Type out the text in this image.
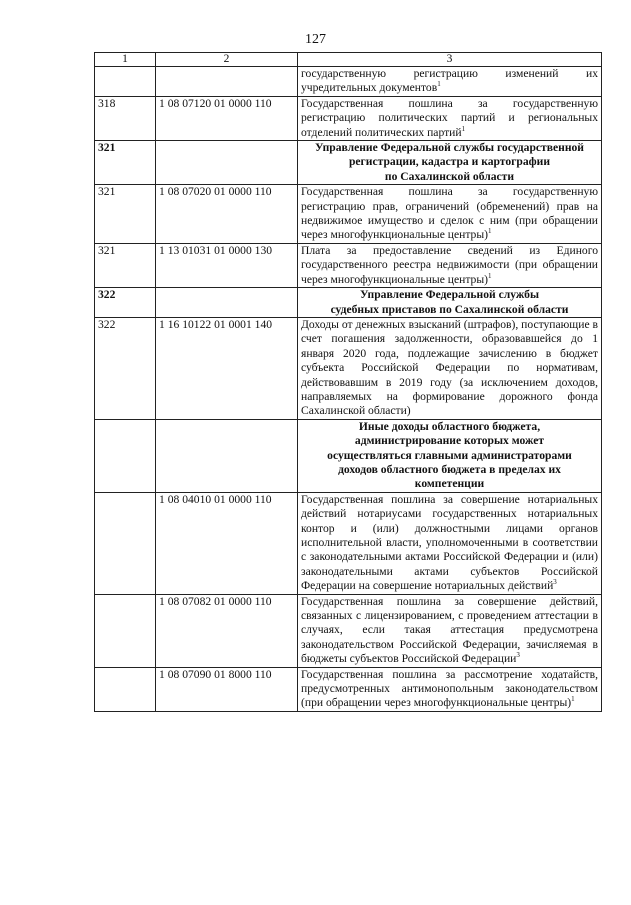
127
1	2	3
		государственную регистрацию изменений их учредительных документов$^1$
318	1 08 07120 01 0000 110	Государственная пошлина за государственную регистрацию политических партий и региональных отделений политических партий$^1$
321		Управление Федеральной службы государственной
регистрации, кадастра и картографии
по Сахалинской области

321	1 08 07020 01 0000 110	Государственная пошлина за государственную регистрацию прав, ограничений (обременений) прав на недвижимое имущество и сделок с ним (при обращении через многофункциональные центры)$^1$
321	1 13 01031 01 0000 130	Плата за предоставление сведений из Единого государственного реестра недвижимости (при обращении через многофункциональные центры)$^1$
322		Управление Федеральной службы
судебных приставов по Сахалинской области

322	1 16 10122 01 0001 140	Доходы от денежных взысканий (штрафов), поступающие в счет погашения задолженности, образовавшейся до 1 января 2020 года, подлежащие зачислению в бюджет субъекта Российской Федерации по нормативам, действовавшим в 2019 году (за исключением доходов, направляемых на формирование дорожного фонда Сахалинской области)

		Иные доходы областного бюджета,
администрирование которых может
осуществляться главными администраторами
доходов областного бюджета в пределах их
компетенции

	1 08 04010 01 0000 110	Государственная пошлина за совершение нотариальных действий нотариусами государственных нотариальных контор и (или) должностными лицами органов исполнительной власти, уполномоченными в соответствии с законодательными актами Российской Федерации и (или) законодательными актами субъектов Российской Федерации на совершение нотариальных действий$^3$
	1 08 07082 01 0000 110	Государственная пошлина за совершение действий, связанных с лицензированием, с проведением аттестации в случаях, если такая аттестация предусмотрена законодательством Российской Федерации, зачисляемая в бюджеты субъектов Российской Федерации$^3$
	1 08 07090 01 8000 110	Государственная пошлина за рассмотрение ходатайств, предусмотренных антимонопольным законодательством (при обращении через многофункциональные центры)$^1$
